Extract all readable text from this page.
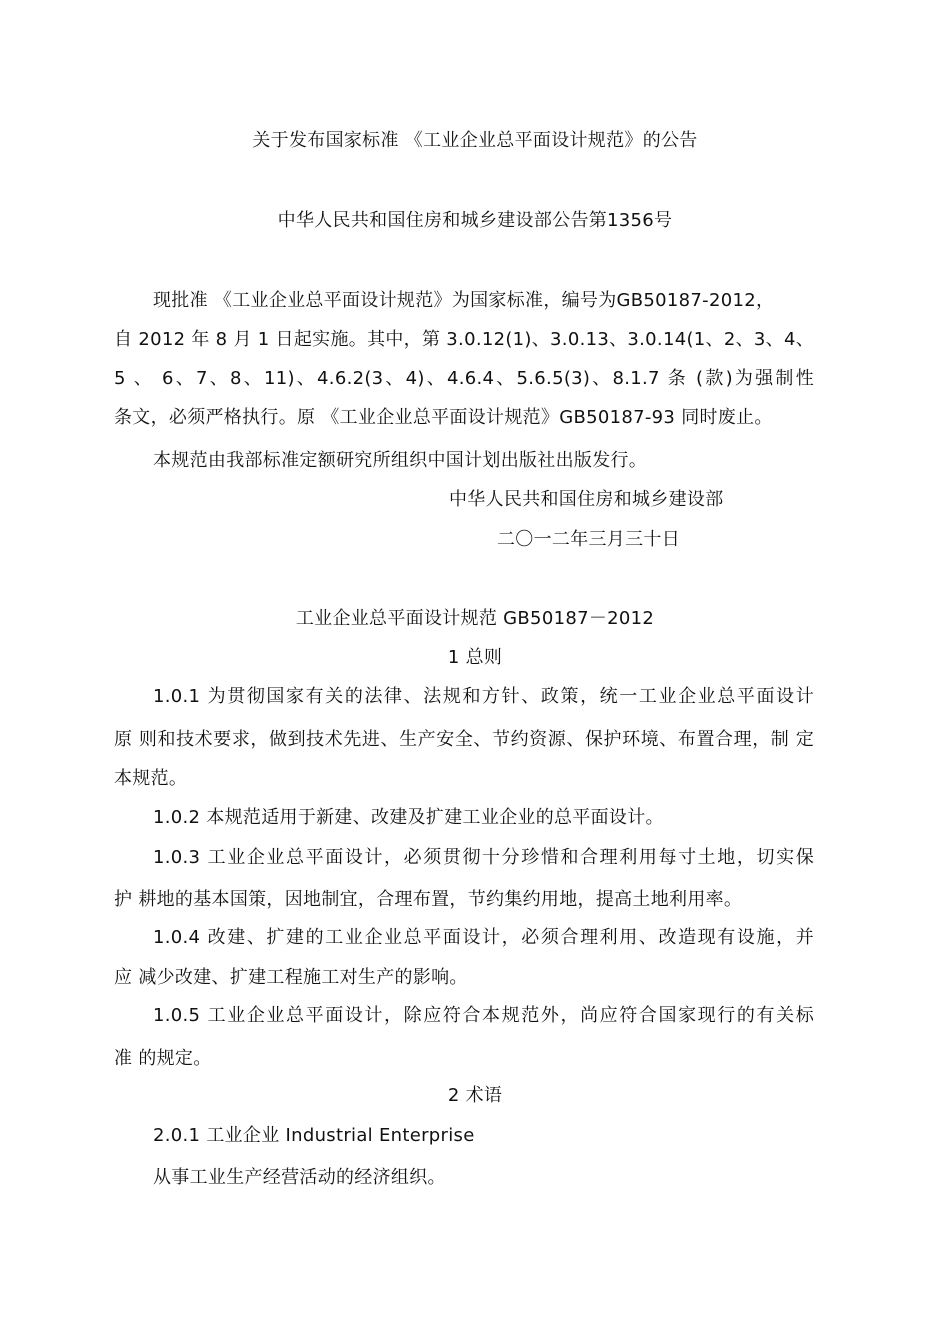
关于发布国家标准 《工业企业总平面设计规范》的公告
中华人民共和国住房和城乡建设部公告第1356号
现批准 《工业企业总平面设计规范》为国家标准，编号为GB50187-2012，
自 2012 年 8 月 1 日起实施。其中，第 3.0.12(1)、3.0.13、3.0.14(1、2、3、4、
5 、 6、7、8、11)、4.6.2(3、4)、4.6.4、5.6.5(3)、8.1.7 条 (款)为强制性
条文，必须严格执行。原 《工业企业总平面设计规范》GB50187-93 同时废止。
本规范由我部标准定额研究所组织中国计划出版社出版发行。
中华人民共和国住房和城乡建设部
二〇一二年三月三十日
工业企业总平面设计规范 GB50187－2012
1 总则
1.0.1 为贯彻国家有关的法律、法规和方针、政策，统一工业企业总平面设计
原 则和技术要求，做到技术先进、生产安全、节约资源、保护环境、布置合理，制 定
本规范。
1.0.2 本规范适用于新建、改建及扩建工业企业的总平面设计。
1.0.3 工业企业总平面设计，必须贯彻十分珍惜和合理利用每寸土地，切实保
护 耕地的基本国策，因地制宜，合理布置，节约集约用地，提高土地利用率。
1.0.4 改建、扩建的工业企业总平面设计，必须合理利用、改造现有设施，并
应 减少改建、扩建工程施工对生产的影响。
1.0.5 工业企业总平面设计，除应符合本规范外，尚应符合国家现行的有关标
准 的规定。
2 术语
2.0.1 工业企业 Industrial Enterprise
从事工业生产经营活动的经济组织。
